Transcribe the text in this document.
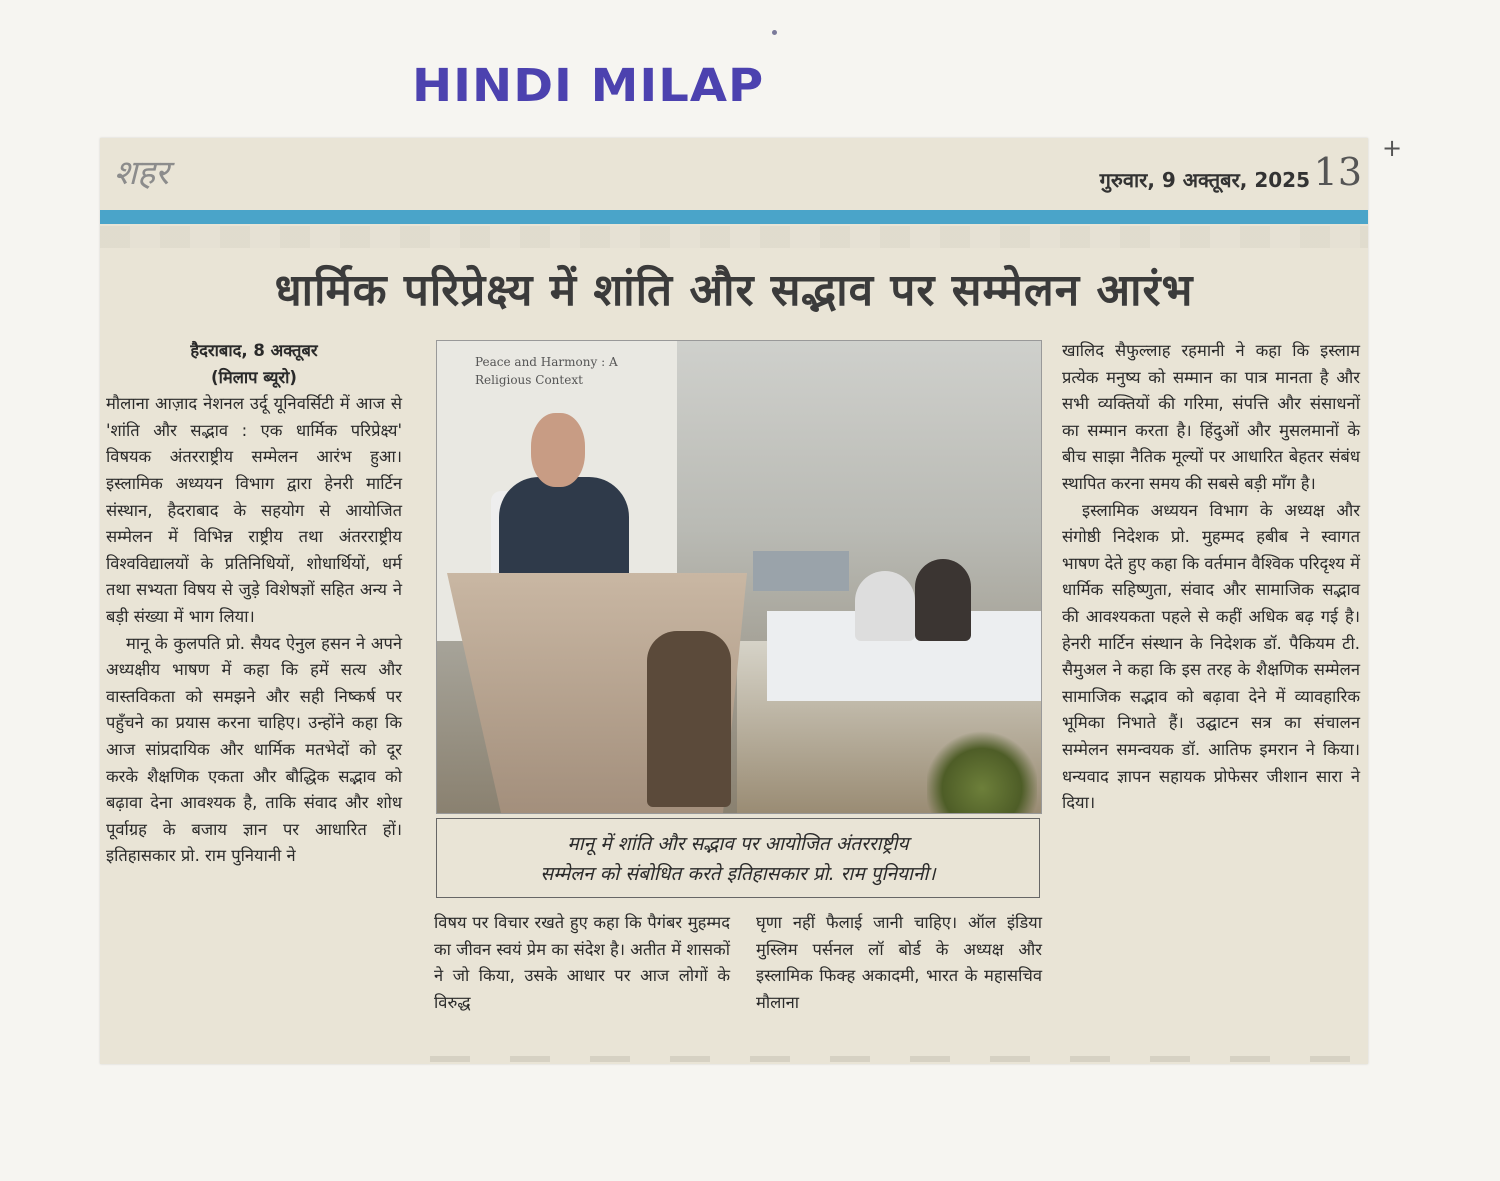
HINDI MILAP
+
शहर	गुरुवार, 9 अक्तूबर, 2025 13
धार्मिक परिप्रेक्ष्य में शांति और सद्भाव पर सम्मेलन आरंभ

हैदराबाद, 8 अक्तूबर

(मिलाप ब्यूरो)

मौलाना आज़ाद नेशनल उर्दू यूनिवर्सिटी में आज से 'शांति और सद्भाव : एक धार्मिक परिप्रेक्ष्य' विषयक अंतरराष्ट्रीय सम्मेलन आरंभ हुआ। इस्लामिक अध्ययन विभाग द्वारा हेनरी मार्टिन संस्थान, हैदराबाद के सहयोग से आयोजित सम्मेलन में विभिन्न राष्ट्रीय तथा अंतरराष्ट्रीय विश्वविद्यालयों के प्रतिनिधियों, शोधार्थियों, धर्म तथा सभ्यता विषय से जुड़े विशेषज्ञों सहित अन्य ने बड़ी संख्या में भाग लिया।

मानू के कुलपति प्रो. सैयद ऐनुल हसन ने अपने अध्यक्षीय भाषण में कहा कि हमें सत्य और वास्तविकता को समझने और सही निष्कर्ष पर पहुँचने का प्रयास करना चाहिए। उन्होंने कहा कि आज सांप्रदायिक और धार्मिक मतभेदों को दूर करके शैक्षणिक एकता और बौद्धिक सद्भाव को बढ़ावा देना आवश्यक है, ताकि संवाद और शोध पूर्वाग्रह के बजाय ज्ञान पर आधारित हों। इतिहासकार प्रो. राम पुनियानी ने

Peace and Harmony : A Religious Context
मानू में शांति और सद्भाव पर आयोजित अंतरराष्ट्रीय
सम्मेलन को संबोधित करते इतिहासकार प्रो. राम पुनियानी।

विषय पर विचार रखते हुए कहा कि पैगंबर मुहम्मद का जीवन स्वयं प्रेम का संदेश है। अतीत में शासकों ने जो किया, उसके आधार पर आज लोगों के विरुद्ध

घृणा नहीं फैलाई जानी चाहिए। ऑल इंडिया मुस्लिम पर्सनल लॉ बोर्ड के अध्यक्ष और इस्लामिक फिक्ह अकादमी, भारत के महासचिव मौलाना

खालिद सैफुल्लाह रहमानी ने कहा कि इस्लाम प्रत्येक मनुष्य को सम्मान का पात्र मानता है और सभी व्यक्तियों की गरिमा, संपत्ति और संसाधनों का सम्मान करता है। हिंदुओं और मुसलमानों के बीच साझा नैतिक मूल्यों पर आधारित बेहतर संबंध स्थापित करना समय की सबसे बड़ी माँग है।

इस्लामिक अध्ययन विभाग के अध्यक्ष और संगोष्ठी निदेशक प्रो. मुहम्मद हबीब ने स्वागत भाषण देते हुए कहा कि वर्तमान वैश्विक परिदृश्य में धार्मिक सहिष्णुता, संवाद और सामाजिक सद्भाव की आवश्यकता पहले से कहीं अधिक बढ़ गई है। हेनरी मार्टिन संस्थान के निदेशक डॉ. पैकियम टी. सैमुअल ने कहा कि इस तरह के शैक्षणिक सम्मेलन सामाजिक सद्भाव को बढ़ावा देने में व्यावहारिक भूमिका निभाते हैं। उद्घाटन सत्र का संचालन सम्मेलन समन्वयक डॉ. आतिफ इमरान ने किया। धन्यवाद ज्ञापन सहायक प्रोफेसर जीशान सारा ने दिया।
